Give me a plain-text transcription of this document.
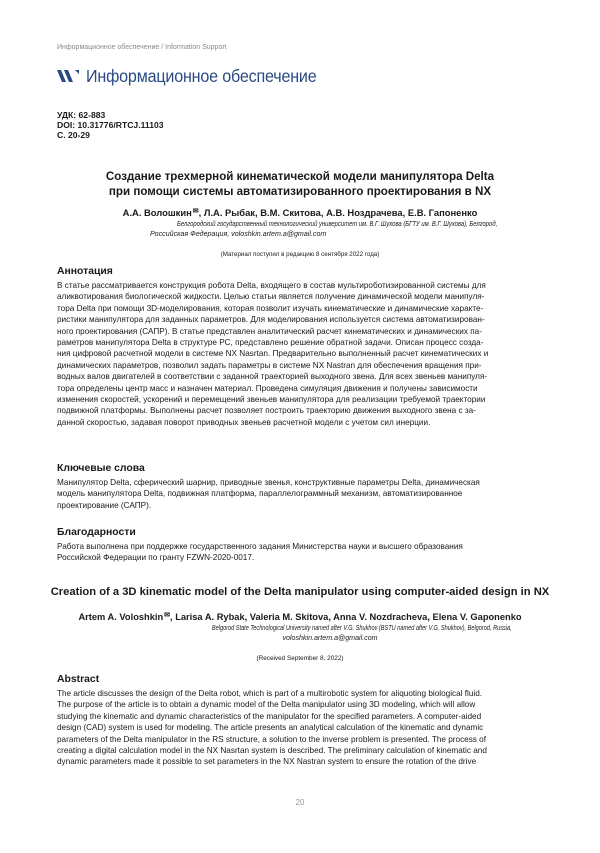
Информационное обеспечение / Information Support
Информационное обеспечение
УДК: 62-883
DOI: 10.31776/RTCJ.11103
С. 20-29
Создание трехмерной кинематической модели манипулятора Delta
при помощи системы автоматизированного проектирования в NX
А.А. Волошкин✉, Л.А. Рыбак, В.М. Скитова, А.В. Ноздрачева, Е.В. Гапоненко
Белгородский государственный технологический университет им. В.Г. Шухова (БГТУ им. В.Г. Шухова), Белгород,
Российская Федерация, voloshkin.artem.a@gmail.com
(Материал поступил в редакцию 8 сентября 2022 года)
Аннотация
В статье рассматривается конструкция робота Delta, входящего в состав мультироботизированной системы для
аликвотирования биологической жидкости. Целью статьи является получение динамической модели манипуля-
тора Delta при помощи 3D-моделирования, которая позволит изучать кинематические и динамические характе-
ристики манипулятора для заданных параметров. Для моделирования используется система автоматизирован-
ного проектирования (САПР). В статье представлен аналитический расчет кинематических и динамических па-
раметров манипулятора Delta в структуре РС, представлено решение обратной задачи. Описан процесс созда-
ния цифровой расчетной модели в системе NX Nasrtan. Предварительно выполненный расчет кинематических и
динамических параметров, позволил задать параметры в системе NX Nastran для обеспечения вращения при-
водных валов двигателей в соответствии с заданной траекторией выходного звена. Для всех звеньев манипуля-
тора определены центр масс и назначен материал. Проведена симуляция движения и получены зависимости
изменения скоростей, ускорений и перемещений звеньев манипулятора для реализации требуемой траектории
подвижной платформы. Выполнены расчет позволяет построить траекторию движения выходного звена с за-
данной скоростью, задавая поворот приводных звеньев расчетной модели с учетом сил инерции.
Ключевые слова
Манипулятор Delta, сферический шарнир, приводные звенья, конструктивные параметры Delta, динамическая
модель манипулятора Delta, подвижная платформа, параллелограммный механизм, автоматизированное
проектирование (САПР).
Благодарности
Работа выполнена при поддержке государственного задания Министерства науки и высшего образования
Российской Федерации по гранту FZWN-2020-0017.
Creation of a 3D kinematic model of the Delta manipulator using computer-aided design in NX
Artem A. Voloshkin✉, Larisa A. Rybak, Valeria M. Skitova, Anna V. Nozdracheva, Elena V. Gaponenko
Belgorod State Technological University named after V.G. Shukhov (BSTU named after V.G. Shukhov), Belgorod, Russia,
voloshkin.artem.a@gmail.com
(Received September 8, 2022)
Abstract
The article discusses the design of the Delta robot, which is part of a multirobotic system for aliquoting biological fluid.
The purpose of the article is to obtain a dynamic model of the Delta manipulator using 3D modeling, which will allow
studying the kinematic and dynamic characteristics of the manipulator for the specified parameters. A computer-aided
design (CAD) system is used for modeling. The article presents an analytical calculation of the kinematic and dynamic
parameters of the Delta manipulator in the RS structure, a solution to the inverse problem is presented. The process of
creating a digital calculation model in the NX Nasrtan system is described. The preliminary calculation of kinematic and
dynamic parameters made it possible to set parameters in the NX Nastran system to ensure the rotation of the drive
20
